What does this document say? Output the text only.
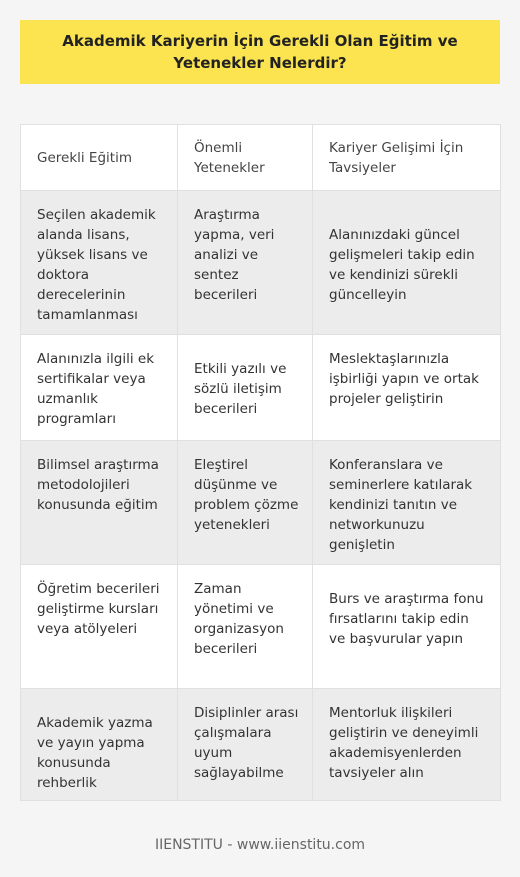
Akademik Kariyerin İçin Gerekli Olan Eğitim ve Yetenekler Nelerdir?
Gerekli Eğitim	Önemli Yetenekler	Kariyer Gelişimi İçin Tavsiyeler
Seçilen akademik alanda lisans, yüksek lisans ve doktora derecelerinin tamamlanması	Araştırma yapma, veri analizi ve sentez becerileri	Alanınızdaki güncel gelişmeleri takip edin ve kendinizi sürekli güncelleyin
Alanınızla ilgili ek sertifikalar veya uzmanlık programları	Etkili yazılı ve sözlü iletişim becerileri	Meslektaşlarınızla işbirliği yapın ve ortak projeler geliştirin
Bilimsel araştırma metodolojileri konusunda eğitim	Eleştirel düşünme ve problem çözme yetenekleri	Konferanslara ve seminerlere katılarak kendinizi tanıtın ve networkunuzu genişletin
Öğretim becerileri geliştirme kursları veya atölyeleri	Zaman yönetimi ve organizasyon becerileri	Burs ve araştırma fonu fırsatlarını takip edin ve başvurular yapın
Akademik yazma ve yayın yapma konusunda rehberlik	Disiplinler arası çalışmalara uyum sağlayabilme	Mentorluk ilişkileri geliştirin ve deneyimli akademisyenlerden tavsiyeler alın
IIENSTITU - www.iienstitu.com
